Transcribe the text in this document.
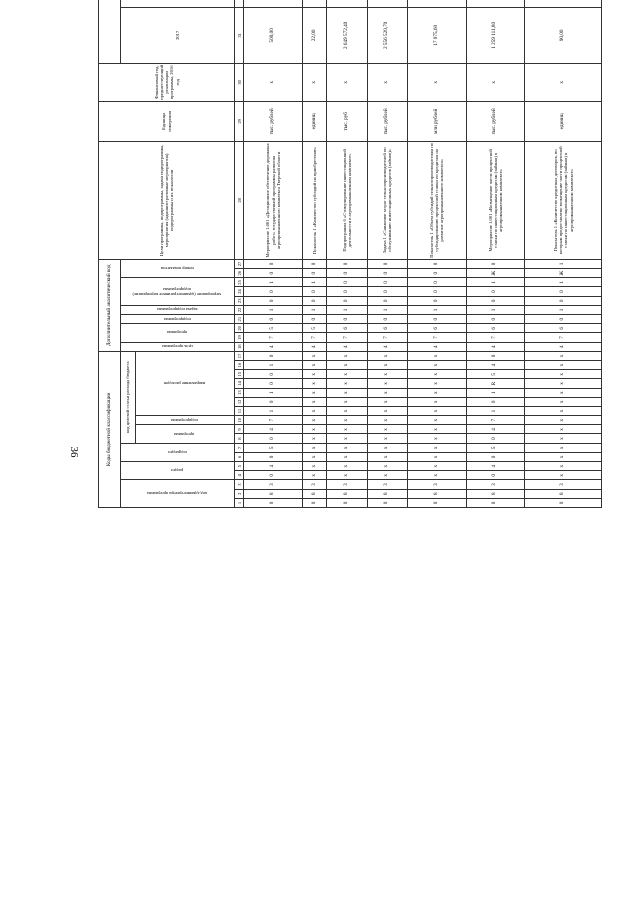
36	Коды бюджетной классификации																	Дополнительный аналитический код										Цели программы, подпрограммы, задачи подпрограммы, мероприятия (административные мероприятия) подпрограммы и их показатели	Единица измерения	Финансовый год, предшествующий реализации программы, 2016 год		
код администратора программы			раздел		подраздел		код целевой статьи расхода бюджета										цель программы	программа		подпрограмма	задача подпрограммы	мероприятие (административное мероприятие) подпрограммы			номер показателя					2017						
							программа		подпрограмма	направление расходов																										
1	2	3	4	5	6	7	8	9	10	11	12	13	14	15	16	17	18	19	20	21	22	23	24	25	26	27	28	29	30	31						
0	8	3	0	4	0	5	0	4	7	1	0	1	0	0	1	0	4	7	5	0	1	0	0	1	0	0	Мероприятие 1.001 «Дотационное обеспечение дорожных работ» государственной программы развития агропромышленного комплекса Тверской области	тыс. рублей	х	500,00						
0	8	3	х	х	х	х	х	х	х	х	х	х	х	х	х	х	4	7	5	0	1	0	0	1	0	0	Показатель 1 «Количество субсидий на приобретение»	единиц	х	22,00						
0	8	3	х	х	х	х	х	х	х	х	х	х	х	х	х	х	4	7	6	0	1	0	0	0	0	0	Подпрограмма 6 «Стимулирование инвестиционной деятельности в агропромышленном комплексе»	тыс. руб	х	2 649 572,40						
0	8	3	х	х	х	х	х	х	х	х	х	х	х	х	х	х	4	7	6	0	1	0	0	0	0	0	Задача 1 «Снижение затрат сельхозпроизводителей по обслуживанию инвестиционных кредитов (займов)»	тыс. рублей	х	2 556 520,70						
0	8	3	х	х	х	х	х	х	х	х	х	х	х	х	х	х	4	7	6	0	1	0	0	0	0	0	Показатель 1 «Объем субсидий сельхозпроизводителям по субсидированию процентной ставки по кредитам на развитие агропромышленного комплекса»	млн рублей	х	17 075,60						
0	8	3	0	4	0	5	0	4	7	1	0	1	R	5	4	0	4	7	6	0	1	0	0	1	Ж	0	Мероприятие 1.001 «Возмещение части процентной ставки по инвестиционным кредитам (займам) в агропромышленном комплексе»	тыс. рублей	х	1 259 111,80						
0	8	3	х	х	х	х	х	х	х	х	х	х	х	х	х	х	4	7	6	0	1	0	0	1	Ж	1	Показатель 1 «Количество кредитных договоров, по которым предоставлено возмещение части процентной ставки по инвестиционным кредитам (займам) в агропромышленном комплексе»	единиц	х	90,00						
